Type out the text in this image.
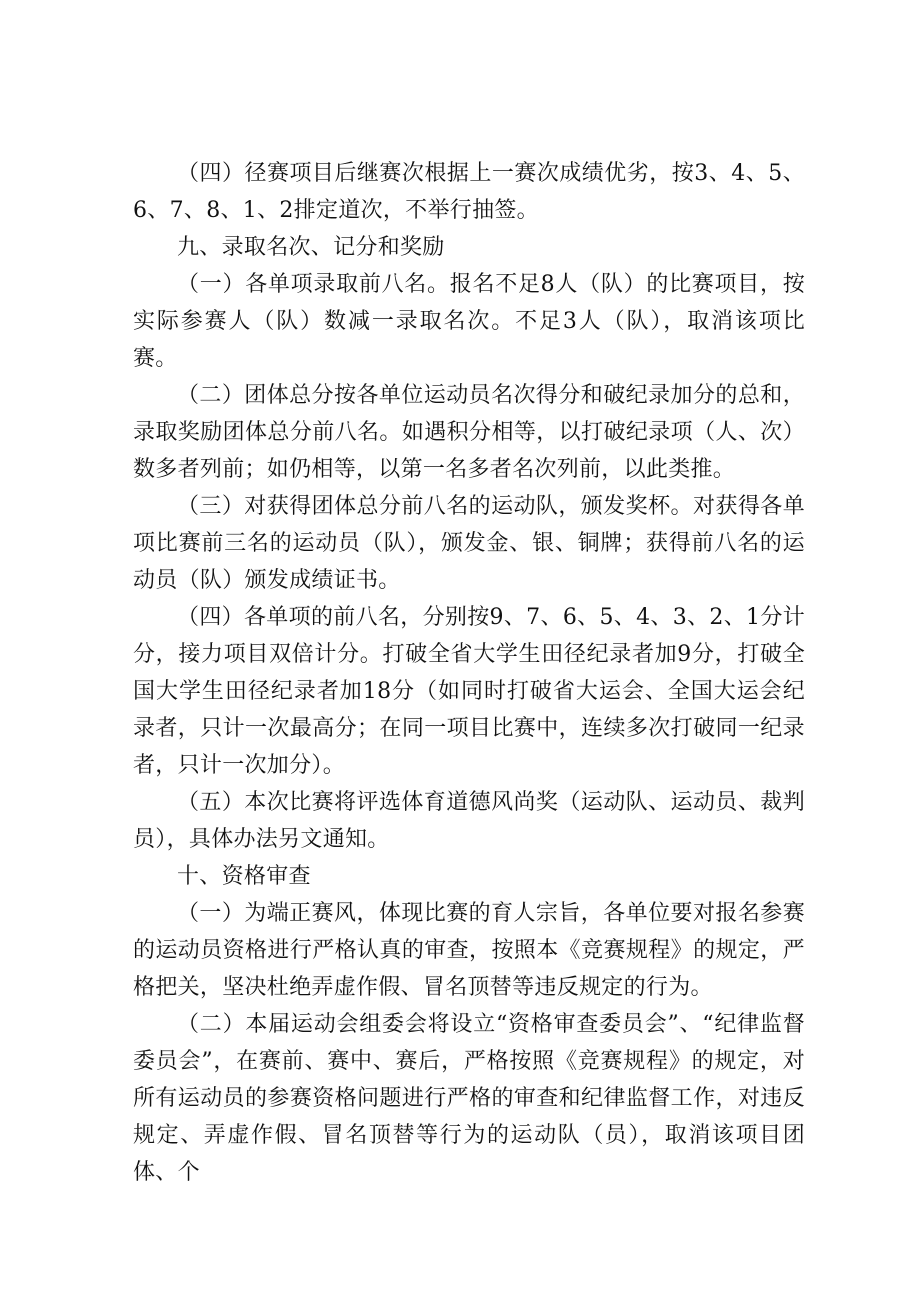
（四）径赛项目后继赛次根据上一赛次成绩优劣，按3、4、5、6、7、8、1、2排定道次，不举行抽签。

九、录取名次、记分和奖励

（一）各单项录取前八名。报名不足8人（队）的比赛项目，按实际参赛人（队）数减一录取名次。不足3人（队），取消该项比赛。

（二）团体总分按各单位运动员名次得分和破纪录加分的总和，录取奖励团体总分前八名。如遇积分相等，以打破纪录项（人、次）数多者列前；如仍相等，以第一名多者名次列前，以此类推。

（三）对获得团体总分前八名的运动队，颁发奖杯。对获得各单项比赛前三名的运动员（队），颁发金、银、铜牌；获得前八名的运动员（队）颁发成绩证书。

（四）各单项的前八名，分别按9、7、6、5、4、3、2、1分计分，接力项目双倍计分。打破全省大学生田径纪录者加9分，打破全国大学生田径纪录者加18分（如同时打破省大运会、全国大运会纪录者，只计一次最高分；在同一项目比赛中，连续多次打破同一纪录者，只计一次加分）。

（五）本次比赛将评选体育道德风尚奖（运动队、运动员、裁判员），具体办法另文通知。

十、资格审查

（一）为端正赛风，体现比赛的育人宗旨，各单位要对报名参赛的运动员资格进行严格认真的审查，按照本《竞赛规程》的规定，严格把关，坚决杜绝弄虚作假、冒名顶替等违反规定的行为。

（二）本届运动会组委会将设立“资格审查委员会”、“纪律监督委员会”，在赛前、赛中、赛后，严格按照《竞赛规程》的规定，对所有运动员的参赛资格问题进行严格的审查和纪律监督工作，对违反规定、弄虚作假、冒名顶替等行为的运动队（员），取消该项目团体、个
